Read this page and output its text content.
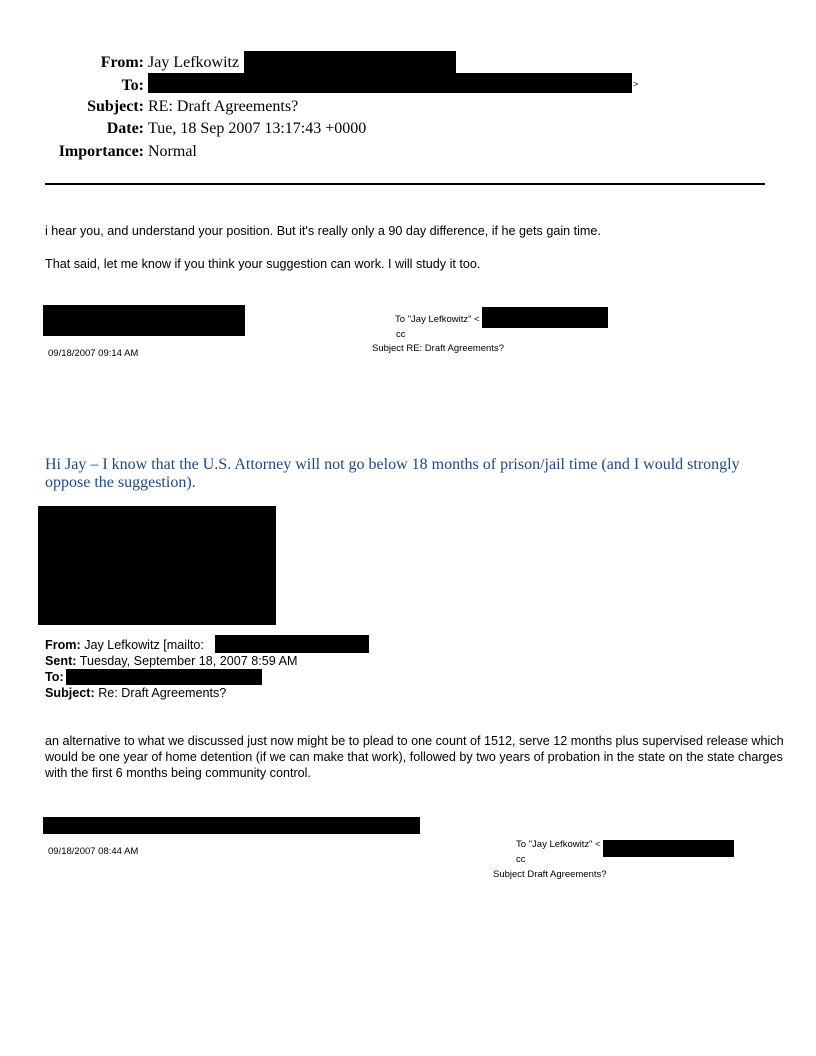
From: Jay Lefkowitz
To:	>
Subject: RE: Draft Agreements?
Date: Tue, 18 Sep 2007 13:17:43 +0000
Importance: Normal
i hear you, and understand your position. But it's really only a 90 day difference, if he gets gain time.
That said, let me know if you think your suggestion can work. I will study it too.
09/18/2007 09:14 AM
To "Jay Lefkowitz" <
cc
Subject RE: Draft Agreements?
Hi Jay – I know that the U.S. Attorney will not go below 18 months of prison/jail time (and I would strongly oppose the suggestion).
From: Jay Lefkowitz [mailto:
Sent: Tuesday, September 18, 2007 8:59 AM
To:
Subject: Re: Draft Agreements?
an alternative to what we discussed just now might be to plead to one count of 1512, serve 12 months plus supervised release which would be one year of home detention (if we can make that work), followed by two years of probation in the state on the state charges with the first 6 months being community control.
09/18/2007 08:44 AM
To "Jay Lefkowitz" <
cc
Subject Draft Agreements?
